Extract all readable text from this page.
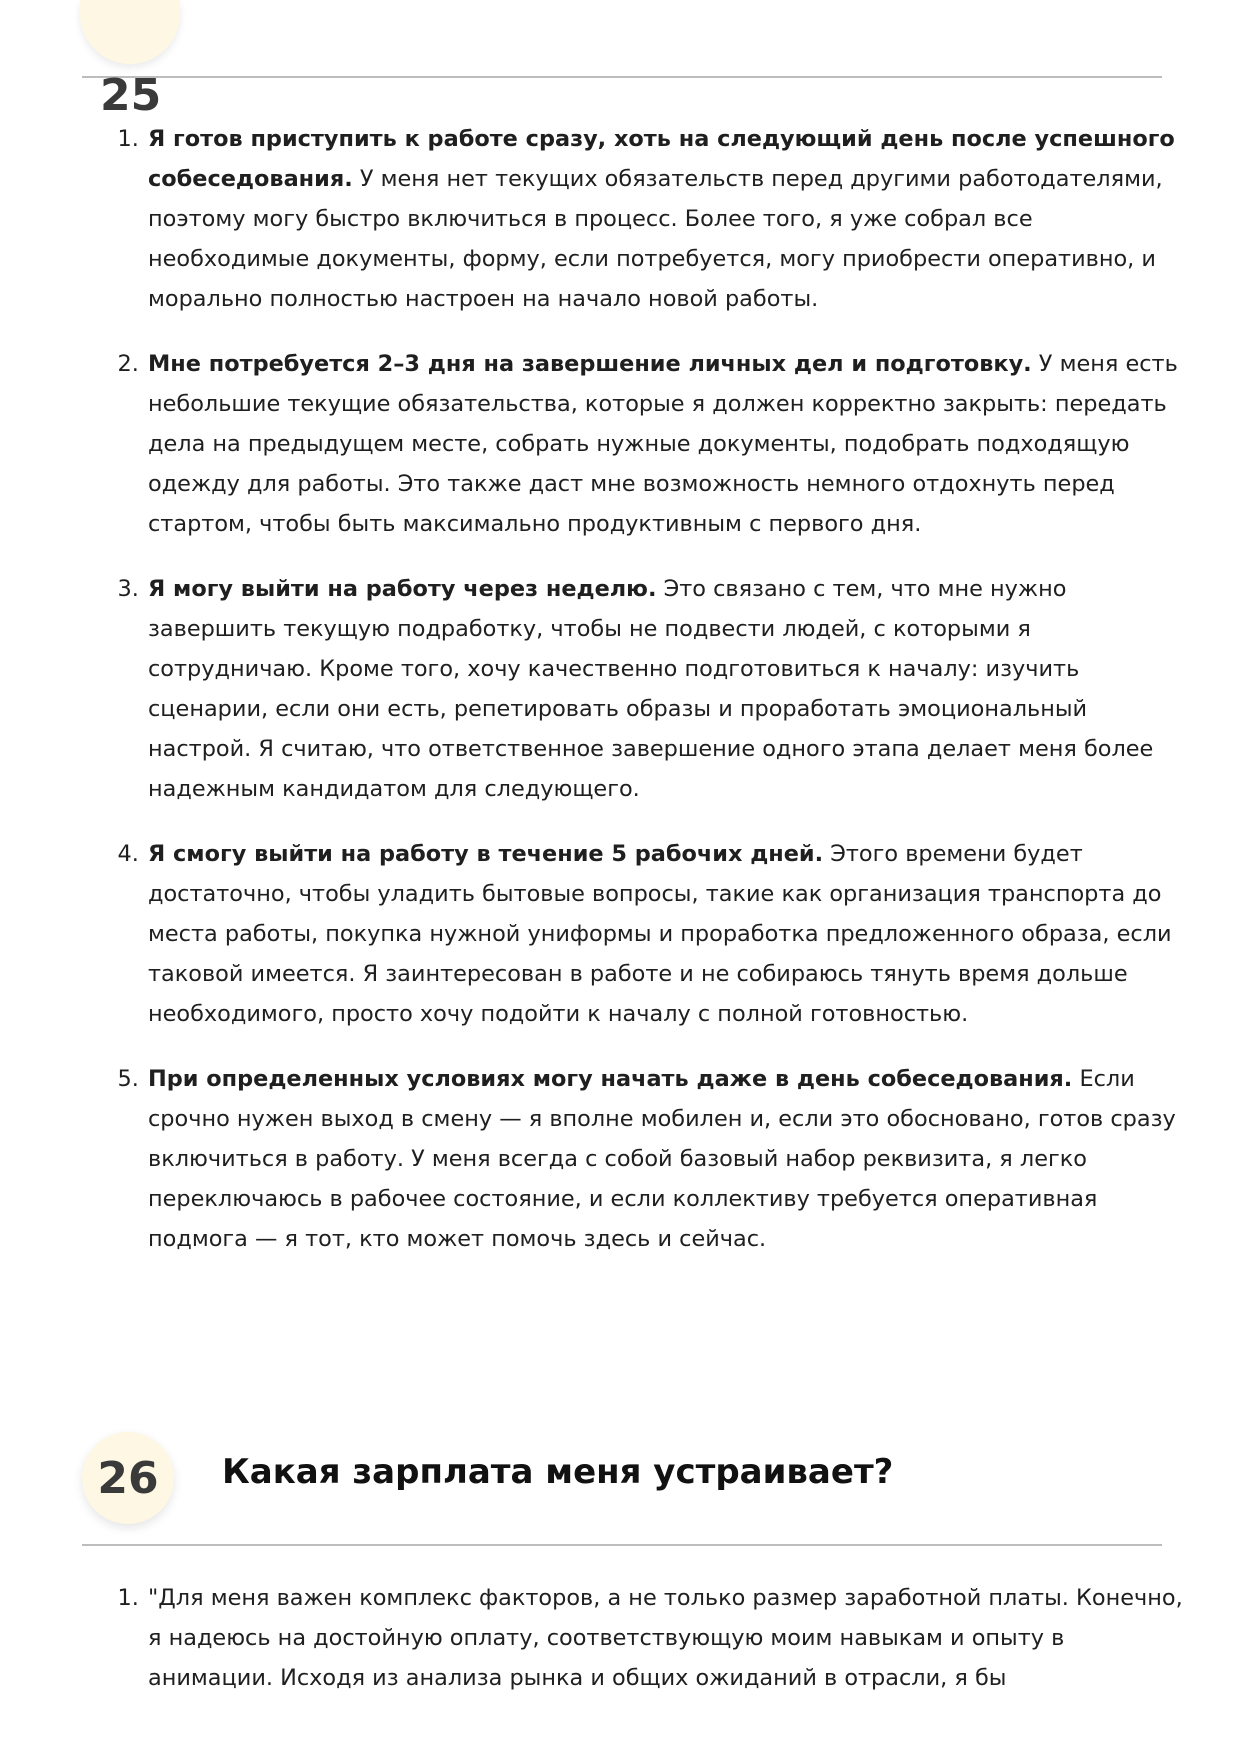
25
1. Я готов приступить к работе сразу, хоть на следующий день после успешного собеседования. У меня нет текущих обязательств перед другими работодателями, поэтому могу быстро включиться в процесс. Более того, я уже собрал все необходимые документы, форму, если потребуется, могу приобрести оперативно, и морально полностью настроен на начало новой работы.
2. Мне потребуется 2–3 дня на завершение личных дел и подготовку. У меня есть небольшие текущие обязательства, которые я должен корректно закрыть: передать дела на предыдущем месте, собрать нужные документы, подобрать подходящую одежду для работы. Это также даст мне возможность немного отдохнуть перед стартом, чтобы быть максимально продуктивным с первого дня.
3. Я могу выйти на работу через неделю. Это связано с тем, что мне нужно завершить текущую подработку, чтобы не подвести людей, с которыми я сотрудничаю. Кроме того, хочу качественно подготовиться к началу: изучить сценарии, если они есть, репетировать образы и проработать эмоциональный настрой. Я считаю, что ответственное завершение одного этапа делает меня более надежным кандидатом для следующего.
4. Я смогу выйти на работу в течение 5 рабочих дней. Этого времени будет достаточно, чтобы уладить бытовые вопросы, такие как организация транспорта до места работы, покупка нужной униформы и проработка предложенного образа, если таковой имеется. Я заинтересован в работе и не собираюсь тянуть время дольше необходимого, просто хочу подойти к началу с полной готовностью.
5. При определенных условиях могу начать даже в день собеседования. Если срочно нужен выход в смену — я вполне мобилен и, если это обосновано, готов сразу включиться в работу. У меня всегда с собой базовый набор реквизита, я легко переключаюсь в рабочее состояние, и если коллективу требуется оперативная подмога — я тот, кто может помочь здесь и сейчас.
26	Какая зарплата меня устраивает?
1. "Для меня важен комплекс факторов, а не только размер заработной платы. Конечно, я надеюсь на достойную оплату, соответствующую моим навыкам и опыту в анимации. Исходя из анализа рынка и общих ожиданий в отрасли, я бы
